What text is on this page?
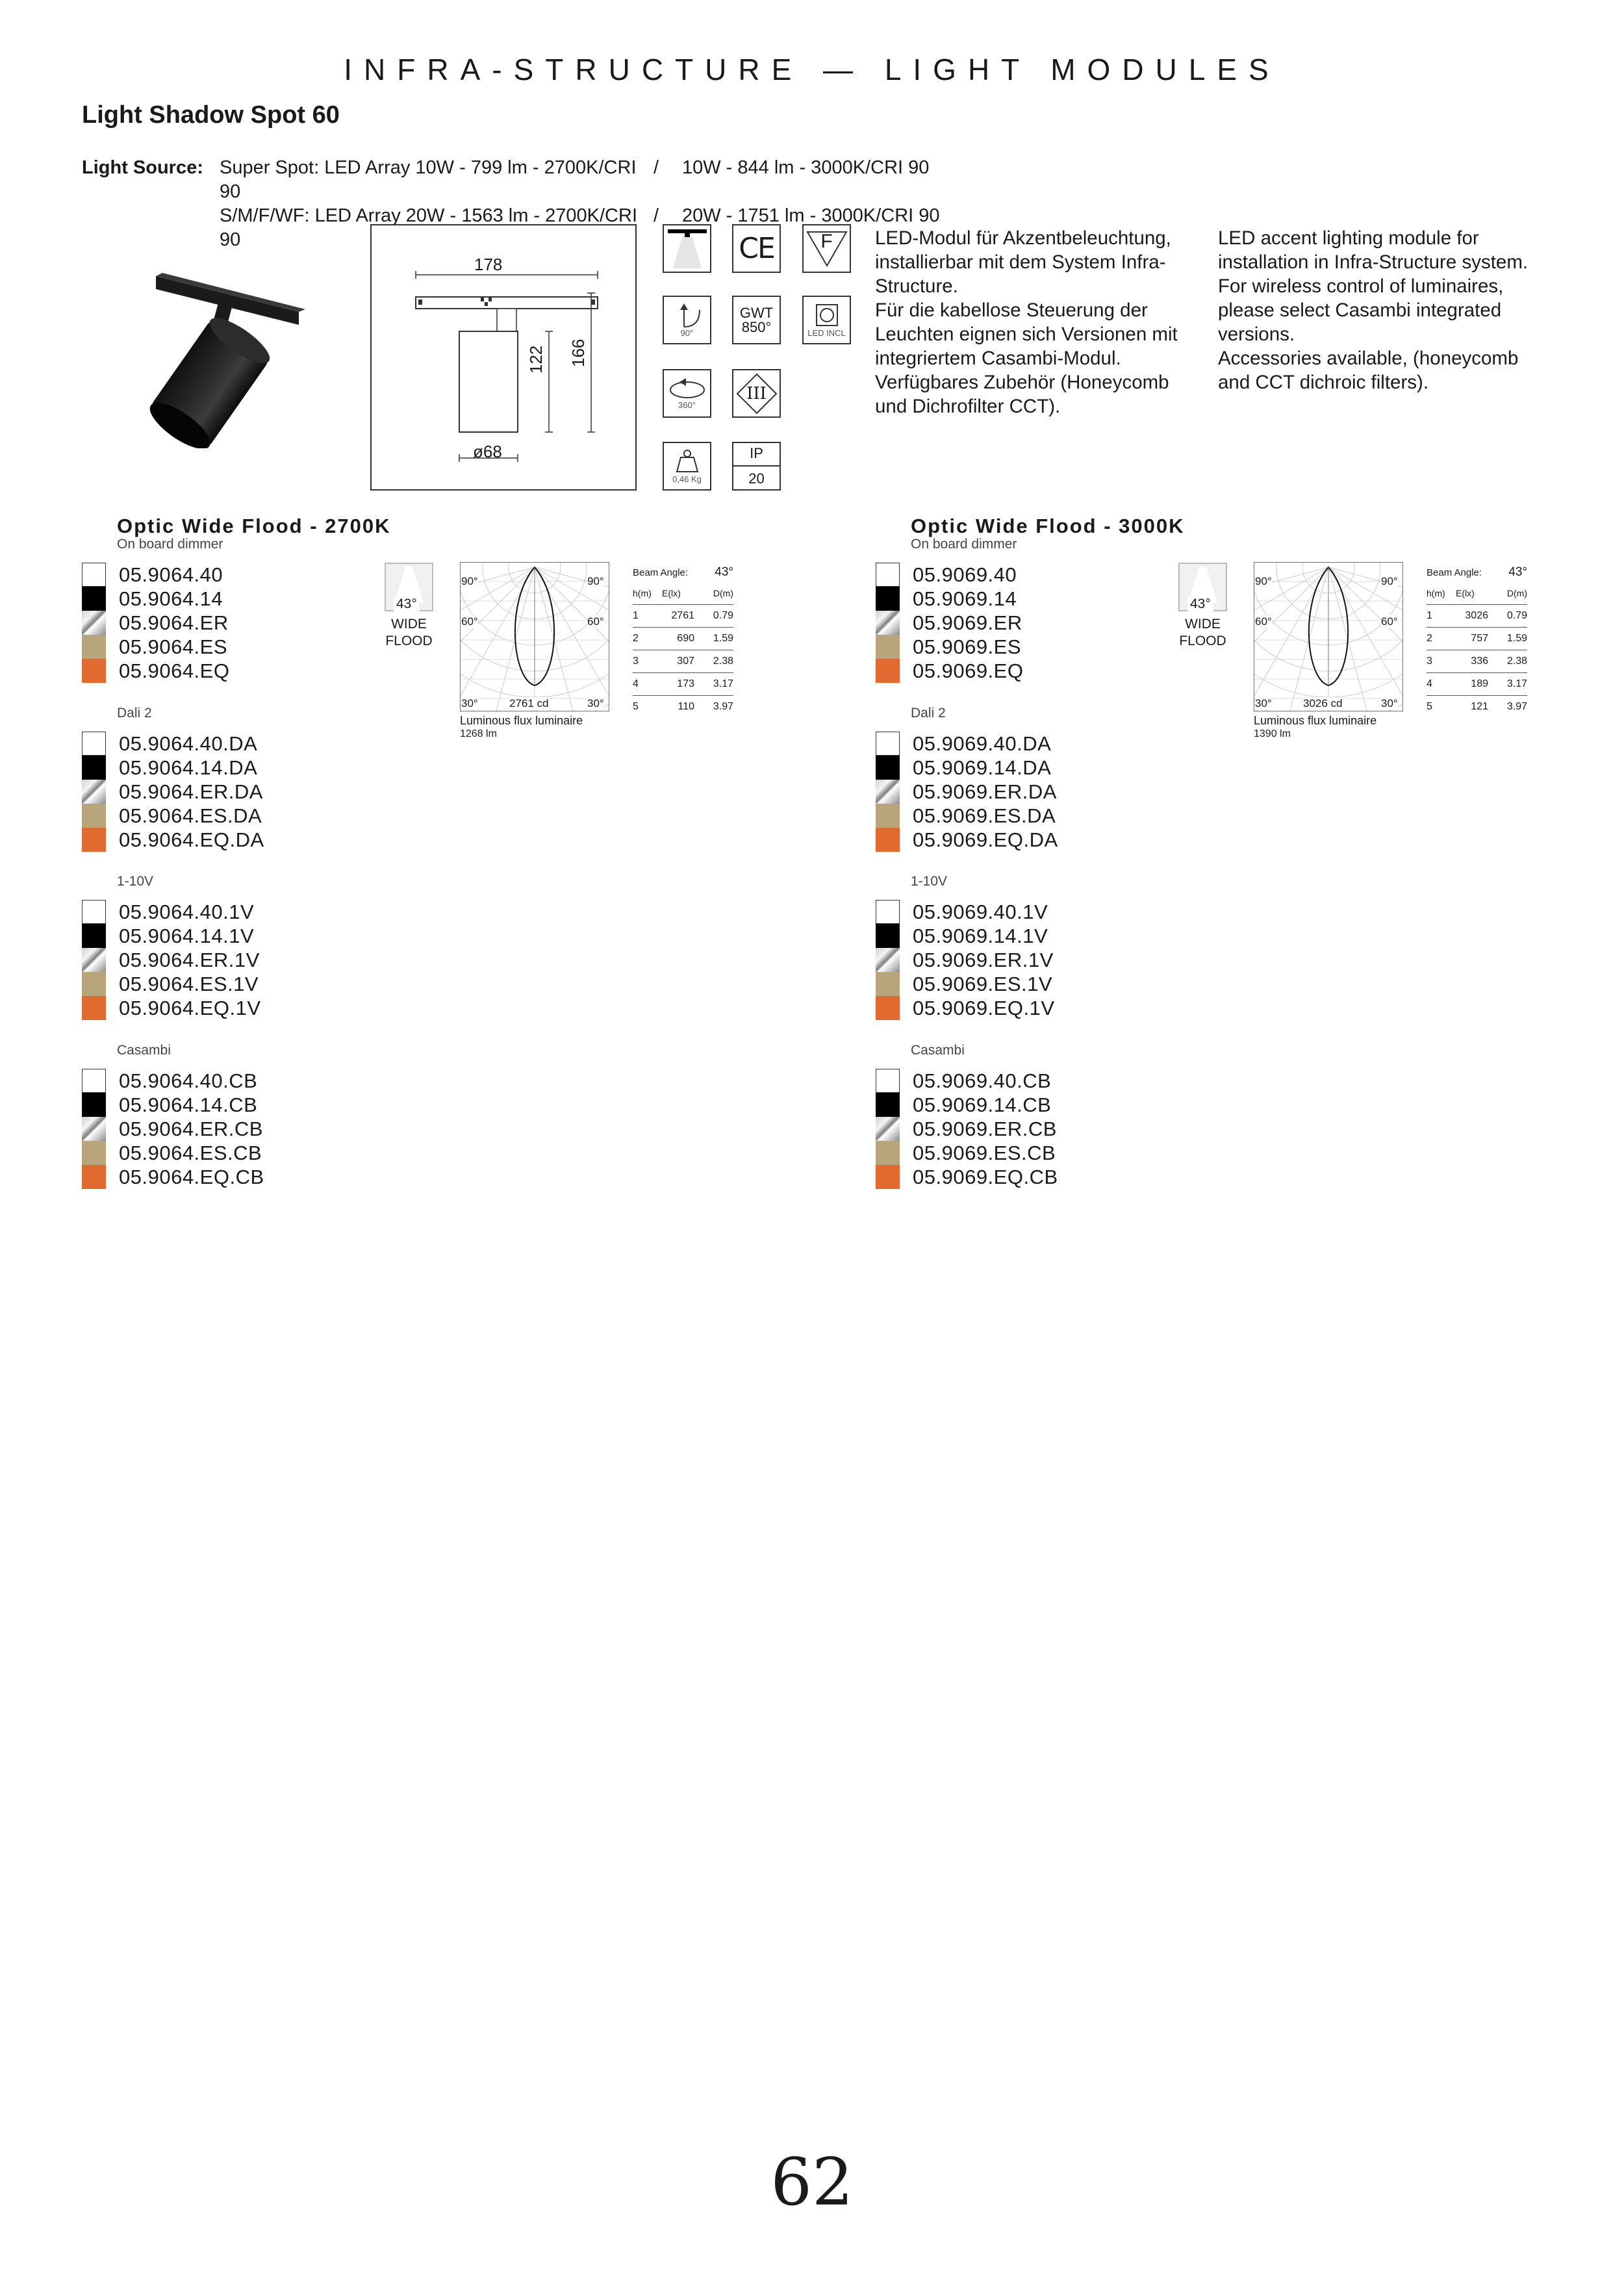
INFRA-STRUCTURE — LIGHT MODULES
Light Shadow Spot 60
Light Source: Super Spot: LED Array 10W - 799 lm - 2700K/CRI 90
/	10W - 844 lm - 3000K/CRI 90
S/M/F/WF: LED Array 20W - 1563 lm - 2700K/CRI 90
/	20W - 1751 lm - 3000K/CRI 90
178
122 166
ø68
CE F
90°
GWT
850°	LED INCL
360°
III
0,46 Kg
IP
20
LED-Modul für Akzentbeleuchtung,
installierbar mit dem System Infra-
Structure.
Für die kabellose Steuerung der
Leuchten eignen sich Versionen mit
integriertem Casambi-Modul.
Verfügbares Zubehör (Honeycomb
und Dichrofilter CCT).
LED accent lighting module for
installation in Infra-Structure system.
For wireless control of luminaires,
please select Casambi integrated
versions.
Accessories available, (honeycomb
and CCT dichroic filters).
Optic Wide Flood - 2700K
On board dimmer
05.9064.40
05.9064.14
05.9064.ER
05.9064.ES
05.9064.EQ
Dali 2
05.9064.40.DA
05.9064.14.DA
05.9064.ER.DA
05.9064.ES.DA
05.9064.EQ.DA
1-10V
05.9064.40.1V
05.9064.14.1V
05.9064.ER.1V
05.9064.ES.1V
05.9064.EQ.1V
Casambi
05.9064.40.CB
05.9064.14.CB
05.9064.ER.CB
05.9064.ES.CB
05.9064.EQ.CB
43°
WIDE
FLOOD
90°	90°
60°	60°
30°	30°
2761 cd
Luminous flux luminaire
1268 lm
Beam Angle: 43°
h(m)	E(lx)	D(m)
1	2761	0.79
2	690	1.59
3	307	2.38
4	173	3.17
5	110	3.97
Optic Wide Flood - 3000K
On board dimmer
05.9069.40
05.9069.14
05.9069.ER
05.9069.ES
05.9069.EQ
Dali 2
05.9069.40.DA
05.9069.14.DA
05.9069.ER.DA
05.9069.ES.DA
05.9069.EQ.DA
1-10V
05.9069.40.1V
05.9069.14.1V
05.9069.ER.1V
05.9069.ES.1V
05.9069.EQ.1V
Casambi
05.9069.40.CB
05.9069.14.CB
05.9069.ER.CB
05.9069.ES.CB
05.9069.EQ.CB
43°
WIDE
FLOOD
90°	90°
60°	60°
30°	30°
3026 cd
Luminous flux luminaire
1390 lm
Beam Angle: 43°
h(m)	E(lx)	D(m)
1	3026	0.79
2	757	1.59
3	336	2.38
4	189	3.17
5	121	3.97
62
